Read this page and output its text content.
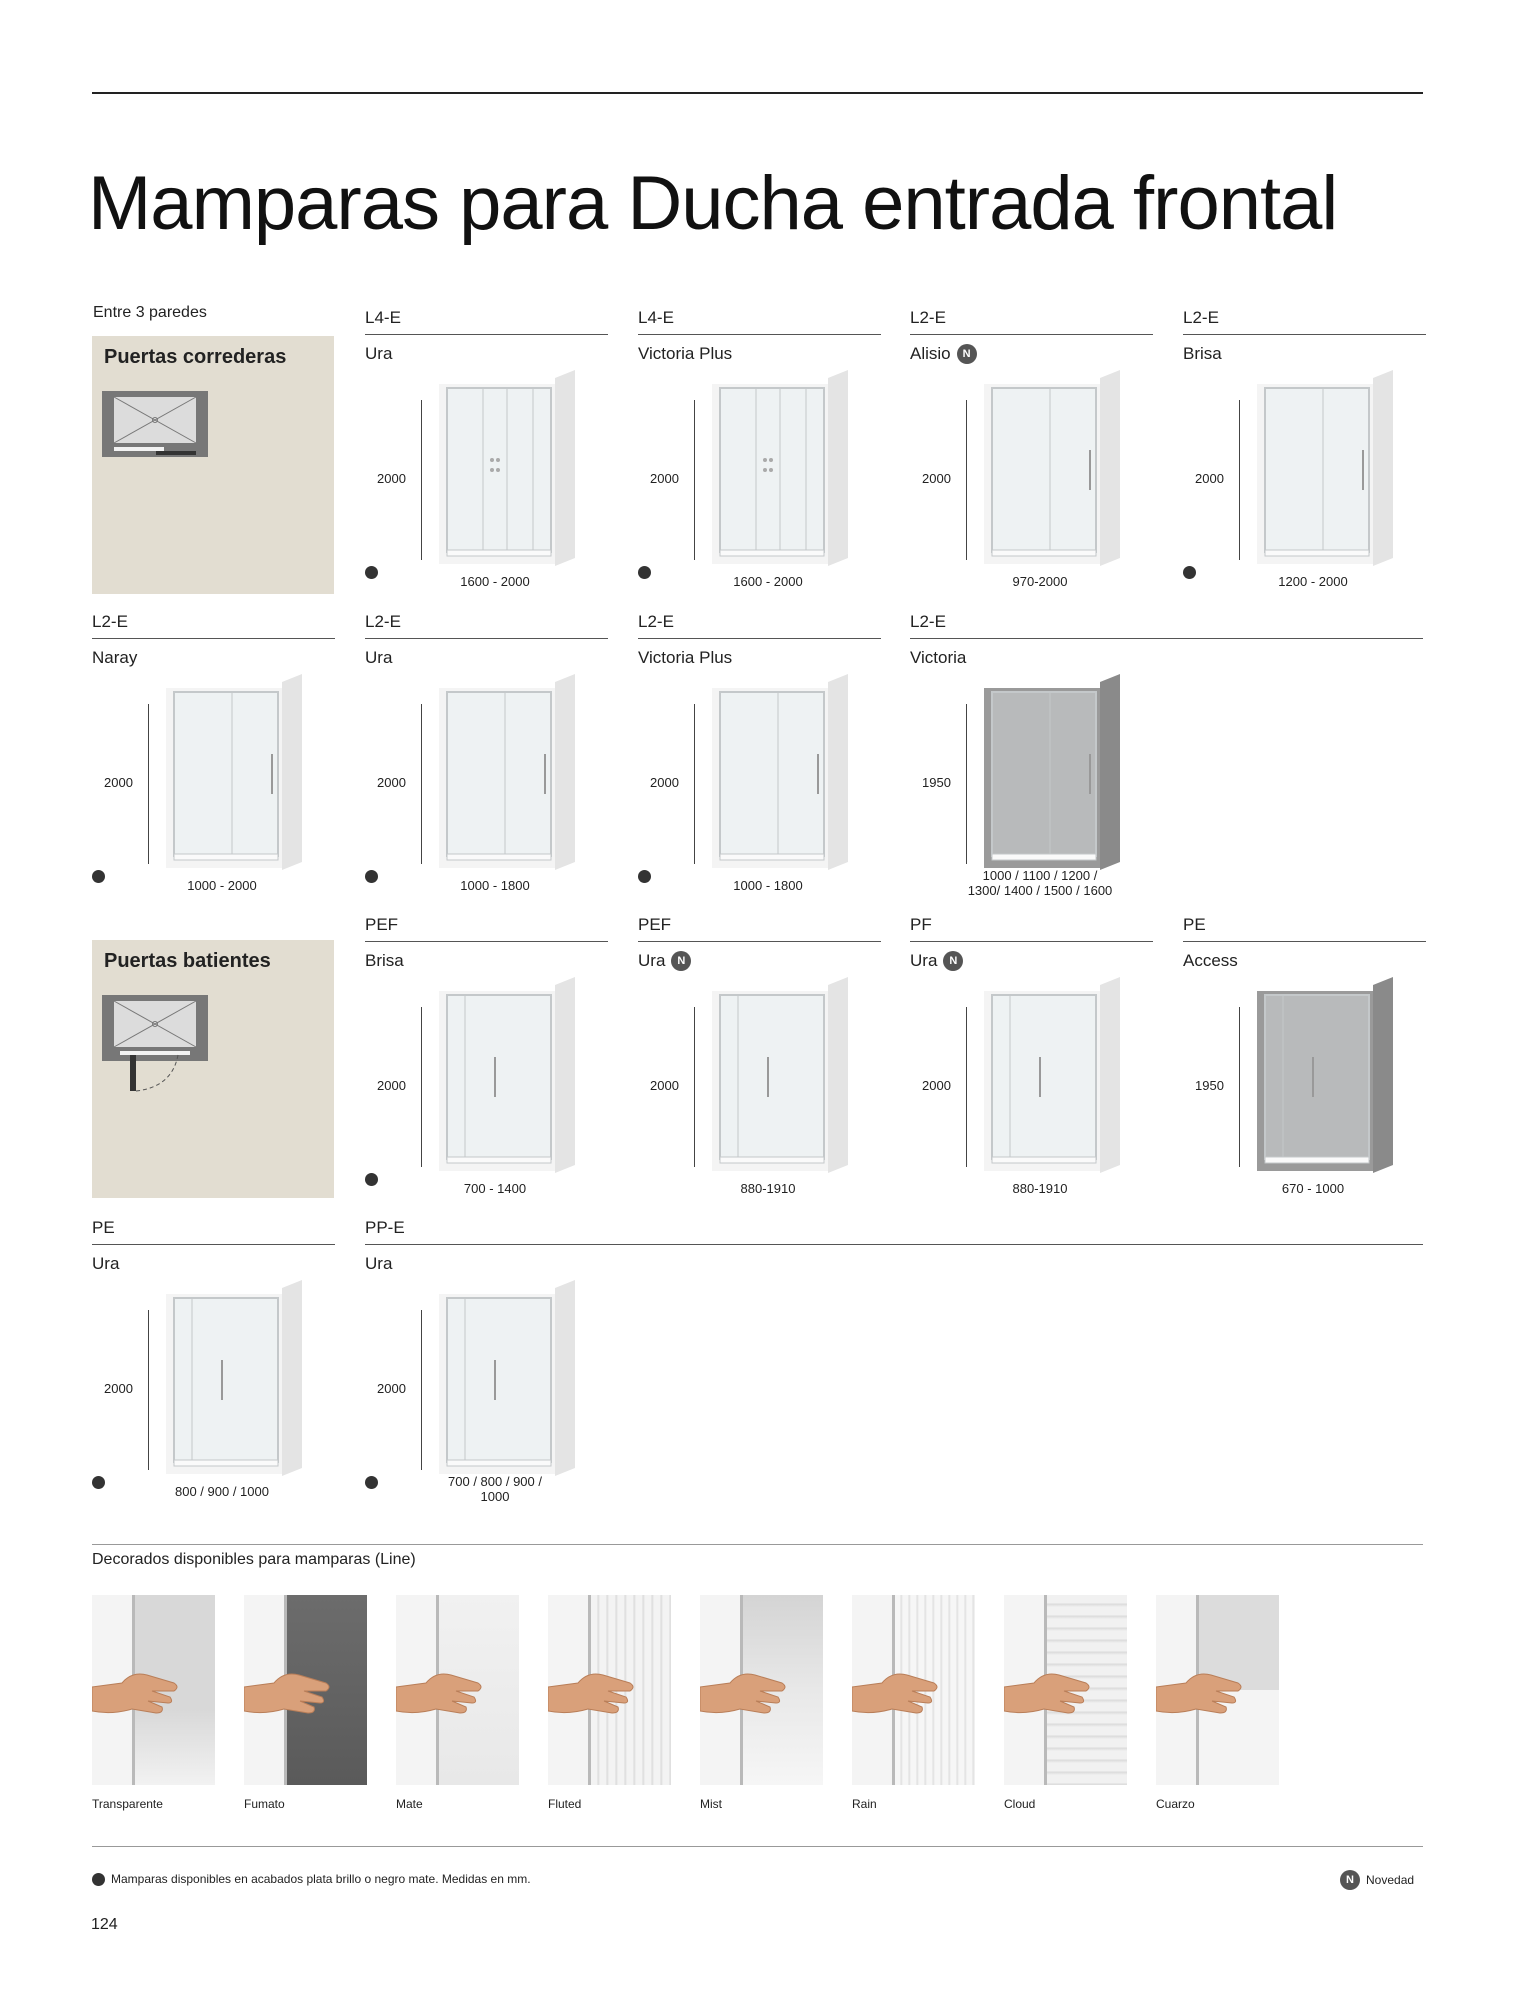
Mamparas para Ducha entrada frontal
Entre 3 paredes
Puertas correderas
Puertas batientes
L4-E
Ura
2000
1600 - 2000
L4-E
Victoria Plus
2000
1600 - 2000
L2-E
Alisio	N
2000
970-2000
L2-E
Brisa
2000
1200 - 2000
L2-E
Naray
2000
1000 - 2000
L2-E
Ura
2000
1000 - 1800
L2-E
Victoria Plus
2000
1000 - 1800
L2-E
Victoria
1950
1000 / 1100 / 1200 /
1300/ 1400 / 1500 / 1600
PEF
Brisa
2000
700 - 1400
PEF
Ura	N
2000
880-1910
PF
Ura	N
2000
880-1910
PE
Access
1950
670 - 1000
PE
Ura
2000
800 / 900 / 1000
PP-E
Ura
2000
700 / 800 / 900 /
1000
Decorados disponibles para mamparas (Line)
Transparente	Fumato	Mate	Fluted	Mist	Rain	Cloud	Cuarzo
Mamparas disponibles en acabados plata brillo o negro mate. Medidas en mm.	N	Novedad
124
